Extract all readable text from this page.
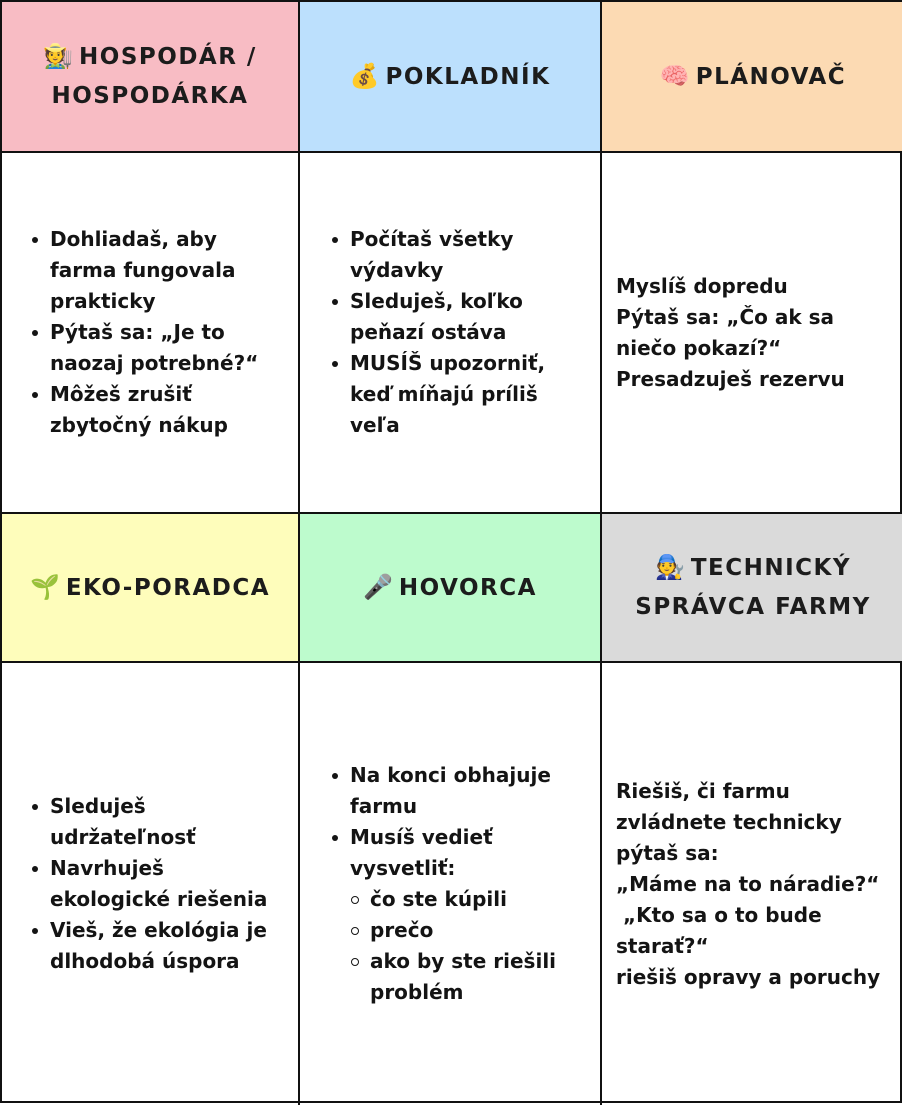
🧑‍🌾 HOSPODÁR /
HOSPODÁRKA
💰 POKLADNÍK	🧠 PLÁNOVAČ
Dohliadaš, aby farma fungovala prakticky
Pýtaš sa: „Je to naozaj potrebné?“
Môžeš zrušiť zbytočný nákup
Počítaš všetky výdavky
Sleduješ, koľko peňazí ostáva
MUSÍŠ upozorniť, keď míňajú príliš veľa
Myslíš dopredu
Pýtaš sa: „Čo ak sa niečo pokazí?“
Presadzuješ rezervu
🌱 EKO-PORADCA	🎤 HOVORCA
🧑‍🔧 TECHNICKÝ
SPRÁVCA FARMY
Sleduješ udržateľnosť
Navrhuješ ekologické riešenia
Vieš, že ekológia je dlhodobá úspora
Na konci obhajuje farmu
Musíš vedieť vysvetliť:
čo ste kúpili
prečo
ako by ste riešili problém
Riešiš, či farmu zvládnete technicky
pýtaš sa:
„Máme na to náradie?“
„Kto sa o to bude starať?“
riešiš opravy a poruchy
